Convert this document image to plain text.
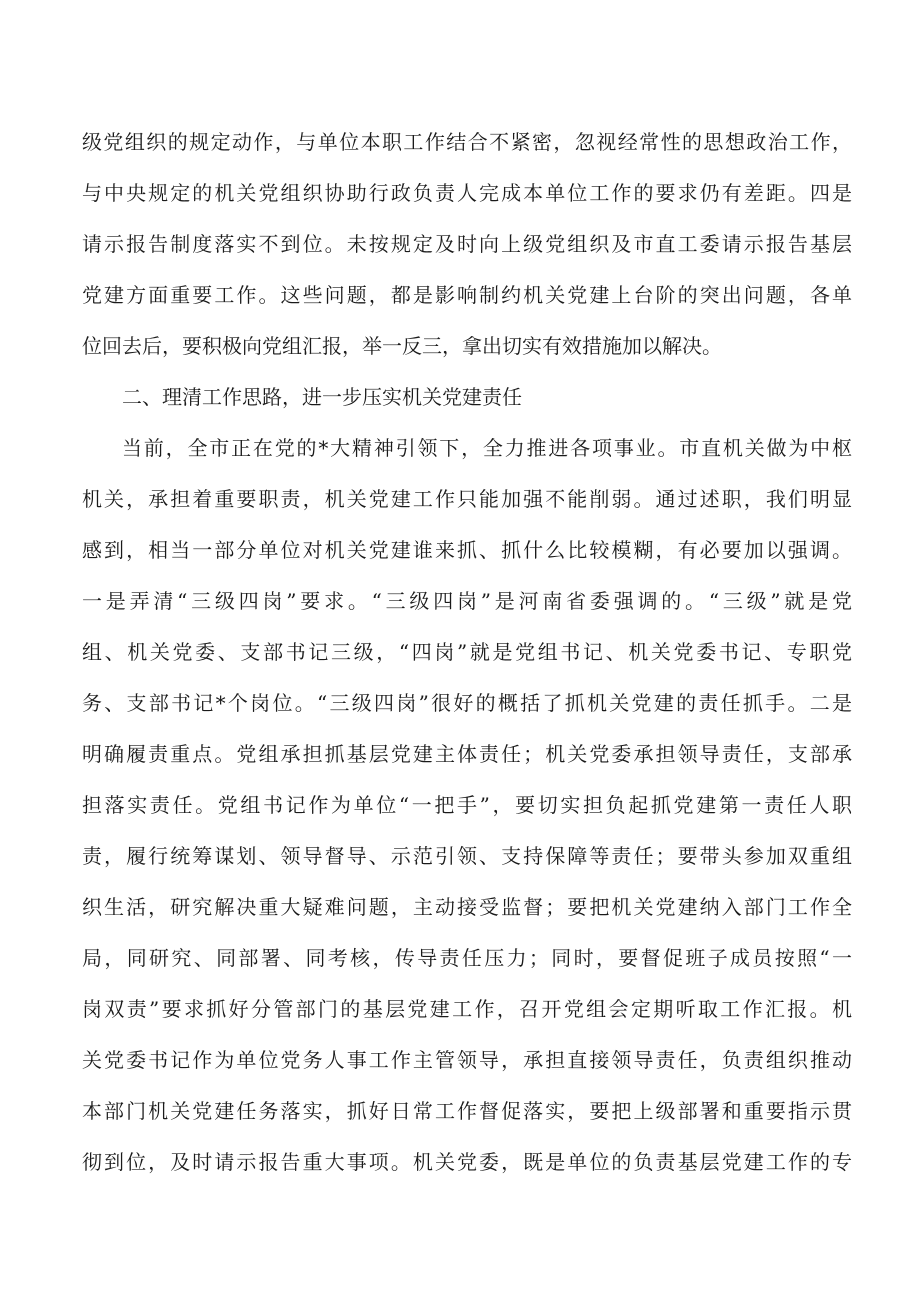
级党组织的规定动作，与单位本职工作结合不紧密，忽视经常性的思想政治工作，
与中央规定的机关党组织协助行政负责人完成本单位工作的要求仍有差距。四是
请示报告制度落实不到位。未按规定及时向上级党组织及市直工委请示报告基层
党建方面重要工作。这些问题，都是影响制约机关党建上台阶的突出问题，各单
位回去后，要积极向党组汇报，举一反三，拿出切实有效措施加以解决。
二、理清工作思路，进一步压实机关党建责任
当前，全市正在党的*大精神引领下，全力推进各项事业。市直机关做为中枢
机关，承担着重要职责，机关党建工作只能加强不能削弱。通过述职，我们明显
感到，相当一部分单位对机关党建谁来抓、抓什么比较模糊，有必要加以强调。
一是弄清“三级四岗”要求。“三级四岗”是河南省委强调的。“三级”就是党
组、机关党委、支部书记三级，“四岗”就是党组书记、机关党委书记、专职党
务、支部书记*个岗位。“三级四岗”很好的概括了抓机关党建的责任抓手。二是
明确履责重点。党组承担抓基层党建主体责任；机关党委承担领导责任，支部承
担落实责任。党组书记作为单位“一把手”，要切实担负起抓党建第一责任人职
责，履行统筹谋划、领导督导、示范引领、支持保障等责任；要带头参加双重组
织生活，研究解决重大疑难问题，主动接受监督；要把机关党建纳入部门工作全
局，同研究、同部署、同考核，传导责任压力；同时，要督促班子成员按照“一
岗双责”要求抓好分管部门的基层党建工作，召开党组会定期听取工作汇报。机
关党委书记作为单位党务人事工作主管领导，承担直接领导责任，负责组织推动
本部门机关党建任务落实，抓好日常工作督促落实，要把上级部署和重要指示贯
彻到位，及时请示报告重大事项。机关党委，既是单位的负责基层党建工作的专
